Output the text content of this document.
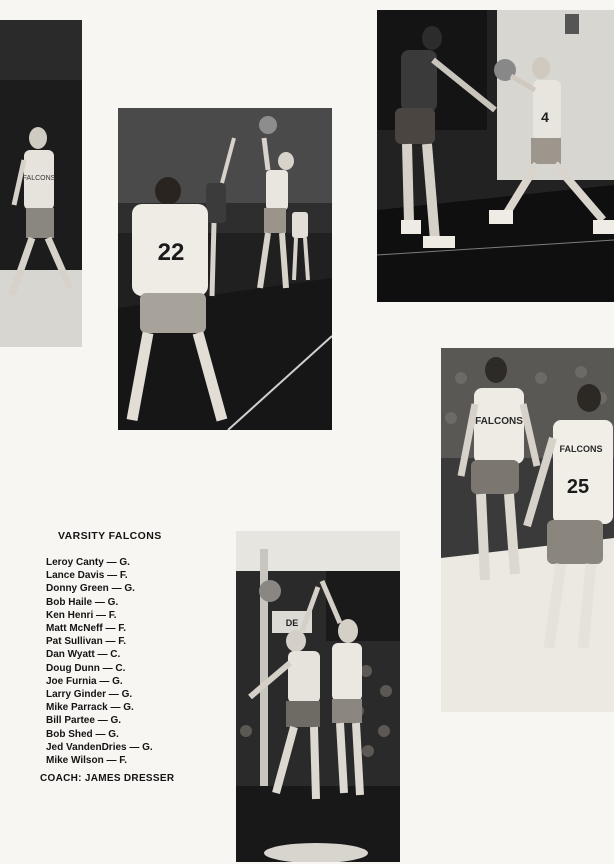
FALCONS
22
4
FALCONS
FALCONS
25
DE
VARSITY FALCONS
Leroy Canty — G.
Lance Davis — F.
Donny Green — G.
Bob Haile — G.
Ken Henri — F.
Matt McNeff — F.
Pat Sullivan — F.
Dan Wyatt — C.
Doug Dunn — C.
Joe Furnia — G.
Larry Ginder — G.
Mike Parrack — G.
Bill Partee — G.
Bob Shed — G.
Jed VandenDries — G.
Mike Wilson — F.
COACH: JAMES DRESSER
